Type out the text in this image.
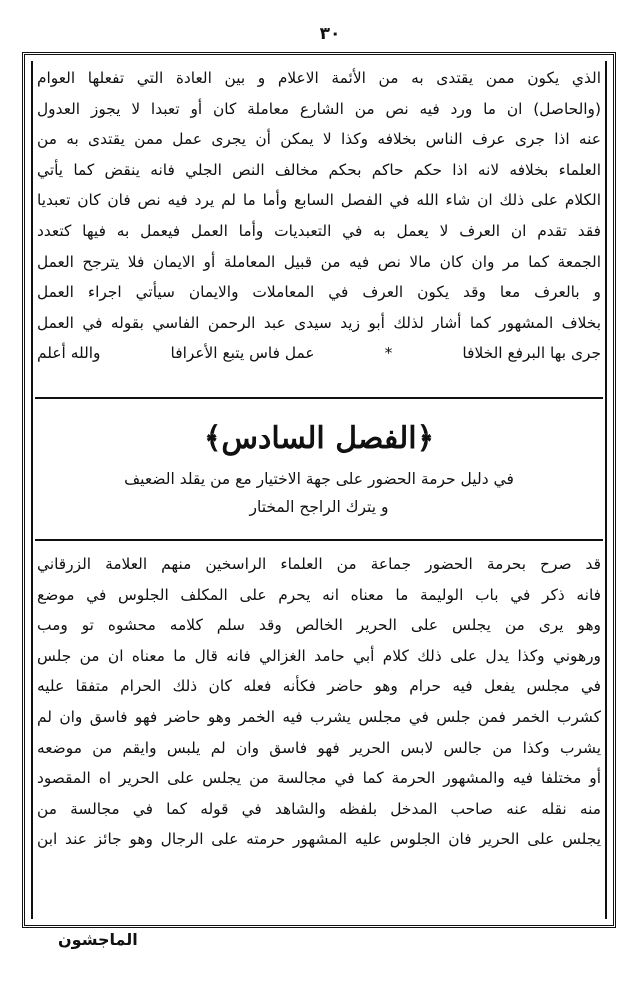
٣٠
الذي يكون ممن يقتدى به من الأئمة الاعلام و بين العادة التي تفعلها العوام
(والحاصل) ان ما ورد فيه نص من الشارع معاملة كان أو تعبدا لا يجوز العدول
عنه اذا جرى عرف الناس بخلافه وكذا لا يمكن أن يجرى عمل ممن يقتدى به من
العلماء بخلافه لانه اذا حكم حاكم بحكم مخالف النص الجلي فانه ينقض كما يأتي
الكلام على ذلك ان شاء الله في الفصل السابع وأما ما لم يرد فيه نص فان كان تعبديا
فقد تقدم ان العرف لا يعمل به في التعبديات وأما العمل فيعمل به فيها كتعدد
الجمعة كما مر وان كان مالا نص فيه من قبيل المعاملة أو الايمان فلا يترجح العمل
و بالعرف معا وقد يكون العرف في المعاملات والايمان سيأتي اجراء العمل
بخلاف المشهور كما أشار لذلك أبو زيد سيدى عبد الرحمن الفاسي بقوله في العمل
جرى بها البرفع الخلافا
*
عمل فاس يتبع الأعرافا
والله أعلم
﴿الفصل السادس﴾
في دليل حرمة الحضور على جهة الاختيار مع من يقلد الضعيف
و يترك الراجح المختار
قد صرح بحرمة الحضور جماعة من العلماء الراسخين منهم العلامة الزرقاني
فانه ذكر في باب الوليمة ما معناه انه يحرم على المكلف الجلوس في موضع
وهو يرى من يجلس على الحرير الخالص وقد سلم كلامه محشوه تو ومب
ورهوني وكذا يدل على ذلك كلام أبي حامد الغزالي فانه قال ما معناه ان من جلس
في مجلس يفعل فيه حرام وهو حاضر فكأنه فعله كان ذلك الحرام متفقا عليه
كشرب الخمر فمن جلس في مجلس يشرب فيه الخمر وهو حاضر فهو فاسق وان لم
يشرب وكذا من جالس لابس الحرير فهو فاسق وان لم يلبس وايقم من موضعه
أو مختلفا فيه والمشهور الحرمة كما في مجالسة من يجلس على الحرير اه المقصود
منه نقله عنه صاحب المدخل بلفظه والشاهد في قوله كما في مجالسة من
يجلس على الحرير فان الجلوس عليه المشهور حرمته على الرجال وهو جائز عند ابن
الماجشون
